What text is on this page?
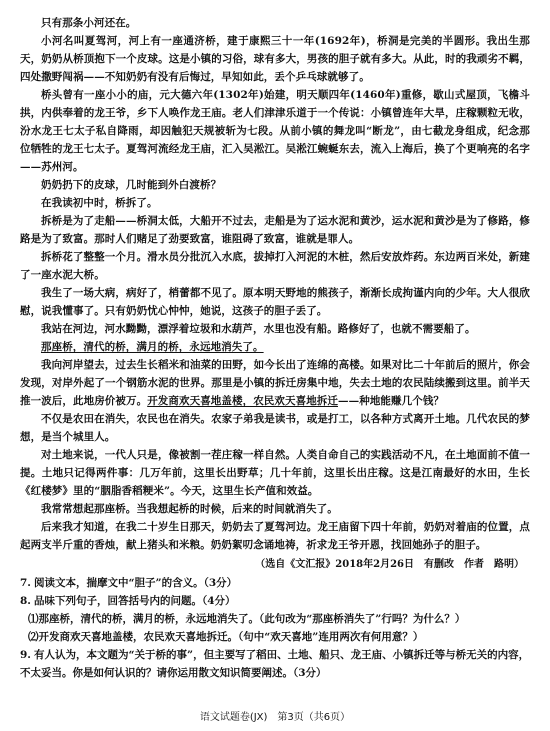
只有那条小河还在。

小河名叫夏驾河，河上有一座通济桥，建于康熙三十一年(1692年)，桥洞是完美的半圆形。我出生那天，奶奶从桥顶抱下一个皮球。这是小镇的习俗，球有多大，男孩的胆子就有多大。从此，时的我顽劣不羁，四处撒野闯祸——不知奶奶有没有后悔过，早知如此，丢个乒乓球就够了。

桥头曾有一座小小的庙，元大德六年(1302年)始建，明天顺四年(1460年)重修，歇山式屋顶，飞檐斗拱，内供奉着的龙王爷，乡下人唤作龙王庙。老人们津津乐道于一个传说：小镇曾连年大旱，庄稼颗粒无收，汾水龙王七太子私自降雨，却因触犯天规被斩为七段。从前小镇的舞龙叫“断龙”，由七截龙身组成，纪念那位牺牲的龙王七太子。夏驾河流经龙王庙，汇入吴淞江。吴淞江蜿蜒东去，流入上海后，换了个更响亮的名字——苏州河。

奶奶扔下的皮球，几时能到外白渡桥？

在我读初中时，桥拆了。

拆桥是为了走船——桥洞太低，大船开不过去，走船是为了运水泥和黄沙，运水泥和黄沙是为了修路，修路是为了致富。那时人们赌足了劲要致富，谁阻碍了致富，谁就是罪人。

拆桥花了整整一个月。滑水员分批沉入水底，拔掉打入河泥的木桩，然后安放炸药。东边两百米处，新建了一座水泥大桥。

我生了一场大病，病好了，梢蕾都不见了。原本明天野地的熊孩子，渐渐长成拘谨内向的少年。大人很欣慰，说我懂事了。只有奶奶忧心忡忡，她说，这孩子的胆子丢了。

我站在河边，河水黝黝，漂浮着垃圾和水葫芦，水里也没有船。路修好了，也就不需要船了。

那座桥，清代的桥，满月的桥，永远地消失了。

我向河岸望去，过去生长稻米和油菜的田野，如今长出了连绵的高楼。如果对比二十年前后的照片，你会发现，对岸外起了一个钢筋水泥的世界。那里是小镇的拆迁房集中地，失去土地的农民陆续搬到这里。前半天推一波后，此地房价被万。开发商欢天喜地盖楼，农民欢天喜地拆迁——种地能赚几个钱？

不仅是农田在消失，农民也在消失。农家子弟我是读书，或是打工，以各种方式离开土地。几代农民的梦想，是当个城里人。

对土地来说，一代人只是，像被割一茬庄稼一样自然。人类自命自己的实践活动不凡，在土地面前不值一提。土地只记得两件事：几万年前，这里长出野草；几十年前，这里长出庄稼。这是江南最好的水田，生长《红楼梦》里的“胭脂香稻粳米”。今天，这里生长产值和效益。

我常常想起那座桥。当我想起桥的时候，后来的时间就消失了。

后来我才知道，在我二十岁生日那天，奶奶去了夏驾河边。龙王庙留下四十年前，奶奶对着庙的位置，点起两支半斤重的香烛，献上猪头和米粮。奶奶絮叨念诵地祷，祈求龙王爷开恩，找回她孙子的胆子。

（选自《文汇报》2018年2月26日　有删改　作者　路明）
7. 阅读文本，揣摩文中“胆子”的含义。（3分）
8. 品味下列句子，回答括号内的问题。（4分）
⑴那座桥，清代的桥，满月的桥，永远地消失了。（此句改为“那座桥消失了”行吗？为什么？）
⑵开发商欢天喜地盖楼，农民欢天喜地拆迁。（句中“欢天喜地”连用两次有何用意？）
9. 有人认为，本文题为“关于桥的事”，但主要写了稻田、土地、船只、龙王庙、小镇拆迁等与桥无关的内容，不太妥当。你是如何认识的？请你运用散文知识简要阐述。（3分）
语文试题卷(JX)　第3页（共6页）
